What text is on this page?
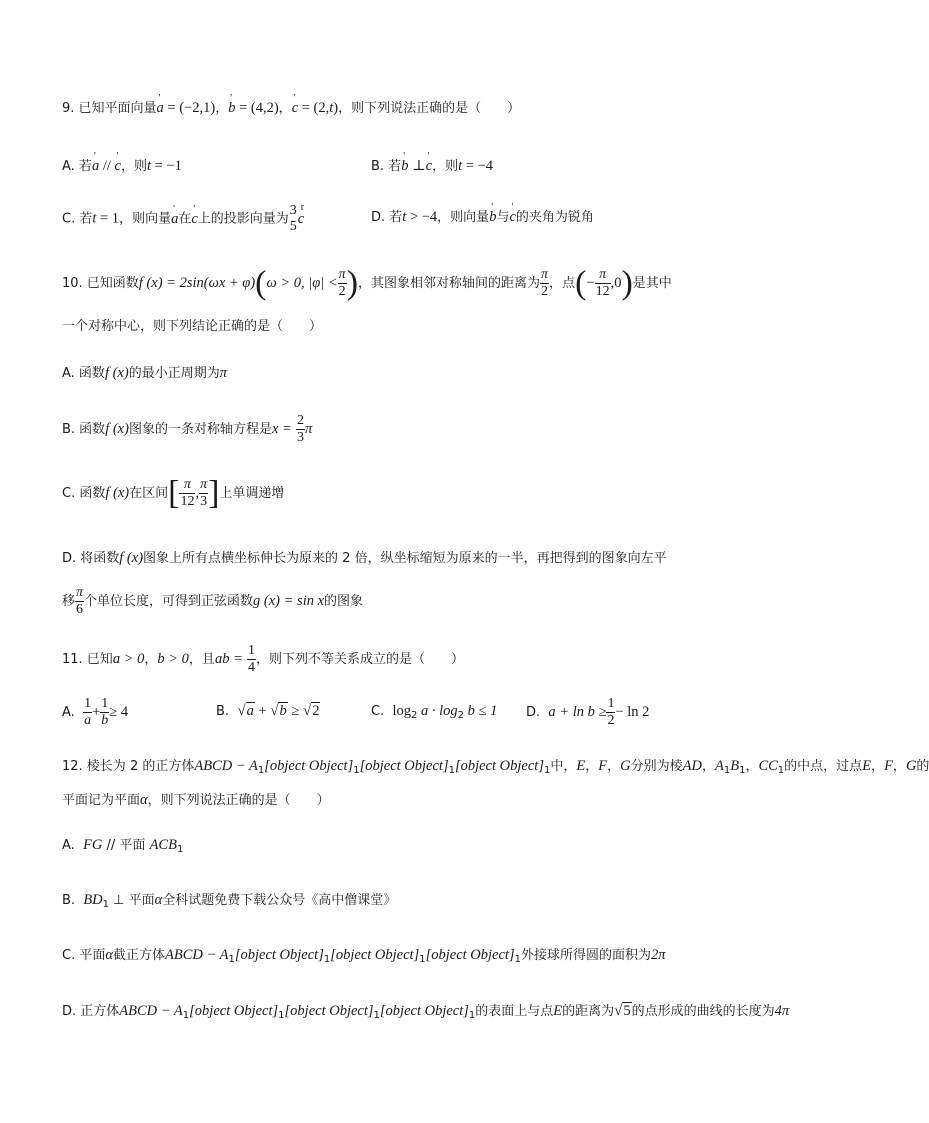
9. 已知平面向量' a = (−2,1)，' b = (4,2)，' c = (2,t)，则下列说法正确的是（　　）
A. 若' a // ' c，则t = −1	B. 若' b ⊥' c，则t = −4
C. 若t = 1，则向量' a在' c上的投影向量为
3
5
r c	D. 若t > −4，则向量' b与' c的夹角为锐角
10. 已知函数f (x) = 2sin(ωx + φ)(ω > 0, $|\varphi| < \frac{\pi}{2}$ )，其图象相邻对称轴间的距离为 $\frac{\pi}{2}$ ，点(− $\frac{\pi}{12} ,0$)是其中
一个对称中心，则下列结论正确的是（　　）
A. 函数f (x)的最小正周期为π
B. 函数f (x)图象的一条对称轴方程是$x = \frac{2}{3}$ π
C. 函数f (x)在区间[ $\frac{\pi}{12}$ , $\frac{\pi}{3}$ ]上单调递增
D. 将函数f (x)图象上所有点横坐标伸长为原来的 2 倍，纵坐标缩短为原来的一半，再把得到的图象向左平
移 $\frac{\pi}{6}$ 个单位长度，可得到正弦函数g (x) = sin x的图象
11. 已知a > 0，b > 0，且ab = $\frac{1}{4}$ ，则下列不等关系成立的是（　　）
A. $\frac{1}{a} + \frac{1}{b} \ge 4$	B. √a + √b ≥ √2	C. $\log_2 a \cdot \log_2 b \le 1$ D. $a + \ln b \ge \frac{1}{2} - \ln 2$
12. 棱长为 2 的正方体ABCD − $A_1[object$ $Object]_1[object$ $Object]_1[object$ $Object]_1$中，E，F，G分别为棱AD，$A_1B_1$，$CC_1$的中点，过点E，F，G的
平面记为平面α，则下列说法正确的是（　　）
A. FG // 平面 $ACB_1$
B. $BD_1$ ⊥ 平面α全科试题免费下载公众号《高中僧课堂》
C. 平面α截正方体ABCD − $A_1[object$ $Object]_1[object$ $Object]_1[object$ $Object]_1$外接球所得圆的面积为2π
D. 正方体ABCD − $A_1[object$ $Object]_1[object$ $Object]_1[object$ $Object]_1$的表面上与点E的距离为√5的点形成的曲线的长度为4π
